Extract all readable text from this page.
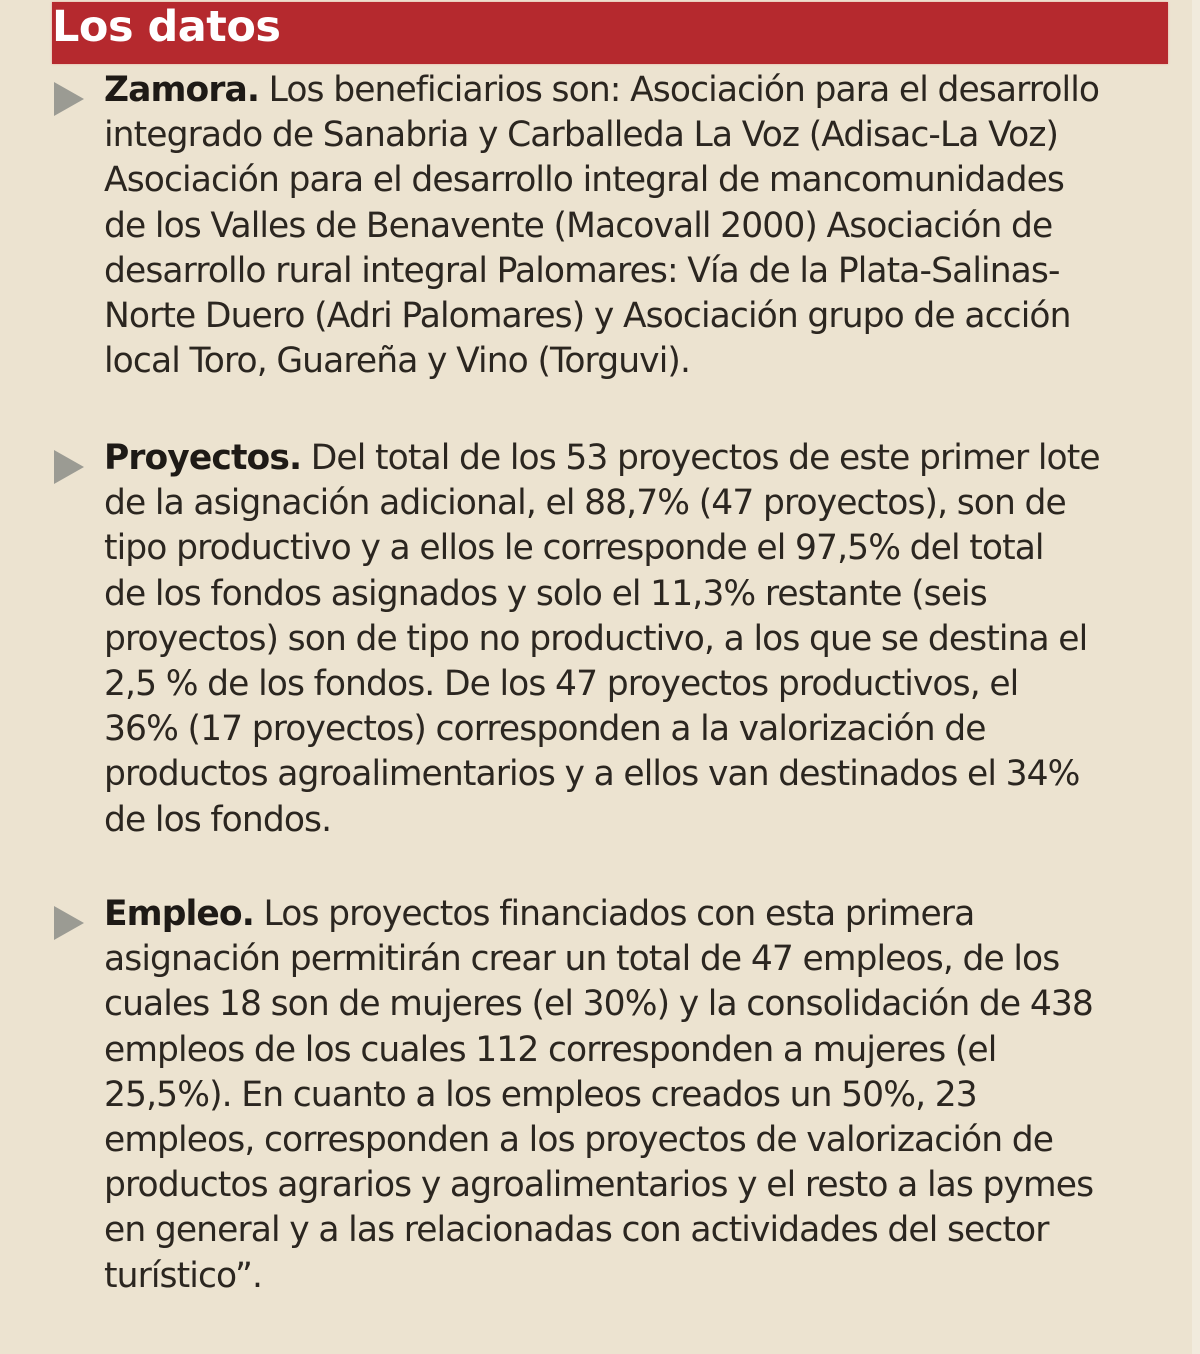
Los datos
Zamora. Los beneficiarios son: Asociación para el desarrollo
integrado de Sanabria y Carballeda La Voz (Adisac-La Voz)
Asociación para el desarrollo integral de mancomunidades
de los Valles de Benavente (Macovall 2000) Asociación de
desarrollo rural integral Palomares: Vía de la Plata-Salinas-
Norte Duero (Adri Palomares) y Asociación grupo de acción
local Toro, Guareña y Vino (Torguvi).
Proyectos. Del total de los 53 proyectos de este primer lote
de la asignación adicional, el 88,7% (47 proyectos), son de
tipo productivo y a ellos le corresponde el 97,5% del total
de los fondos asignados y solo el 11,3% restante (seis
proyectos) son de tipo no productivo, a los que se destina el
2,5 % de los fondos. De los 47 proyectos productivos, el
36% (17 proyectos) corresponden a la valorización de
productos agroalimentarios y a ellos van destinados el 34%
de los fondos.
Empleo. Los proyectos financiados con esta primera
asignación permitirán crear un total de 47 empleos, de los
cuales 18 son de mujeres (el 30%) y la consolidación de 438
empleos de los cuales 112 corresponden a mujeres (el
25,5%). En cuanto a los empleos creados un 50%, 23
empleos, corresponden a los proyectos de valorización de
productos agrarios y agroalimentarios y el resto a las pymes
en general y a las relacionadas con actividades del sector
turístico”.
